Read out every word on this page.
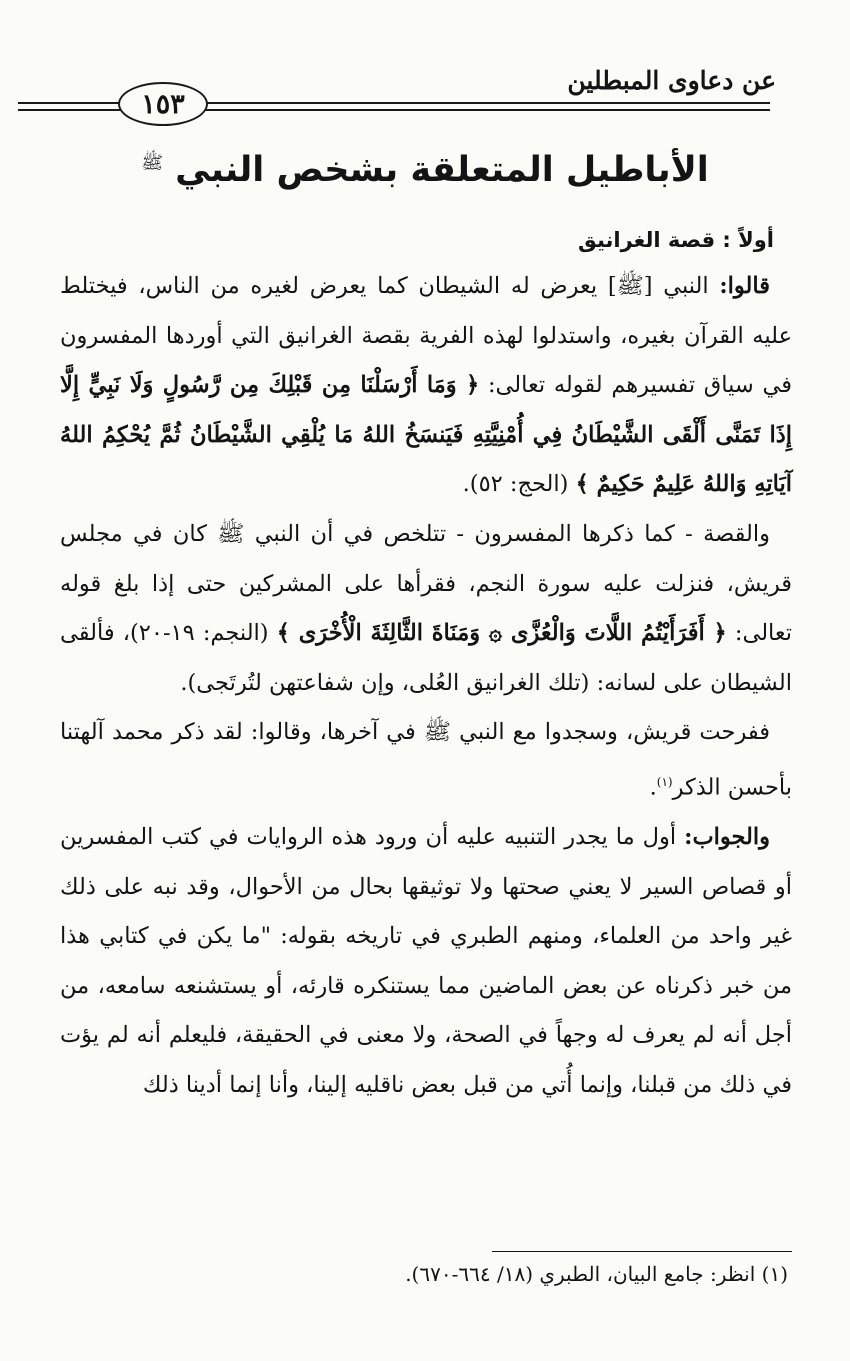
عن دعاوى المبطلين
١٥٣
الأباطيل المتعلقة بشخص النبي $^ﷺ$
أولاً : قصة الغرانيق

قالوا: النبي [ﷺ] يعرض له الشيطان كما يعرض لغيره من الناس، فيختلط عليه القرآن بغيره، واستدلوا لهذه الفرية بقصة الغرانيق التي أوردها المفسرون في سياق تفسيرهم لقوله تعالى: ﴿ وَمَا أَرْسَلْنَا مِن قَبْلِكَ مِن رَّسُولٍ وَلَا نَبِيٍّ إِلَّا إِذَا تَمَنَّى أَلْقَى الشَّيْطَانُ فِي أُمْنِيَّتِهِ فَيَنسَخُ اللهُ مَا يُلْقِي الشَّيْطَانُ ثُمَّ يُحْكِمُ اللهُ آيَاتِهِ وَاللهُ عَلِيمٌ حَكِيمٌ ﴾ (الحج: ٥٢).

والقصة - كما ذكرها المفسرون - تتلخص في أن النبي ﷺ كان في مجلس قريش، فنزلت عليه سورة النجم، فقرأها على المشركين حتى إذا بلغ قوله تعالى: ﴿ أَفَرَأَيْتُمُ اللَّاتَ وَالْعُزَّى ۞ وَمَنَاةَ الثَّالِثَةَ الْأُخْرَى ﴾ (النجم: ١٩-٢٠)، فألقى الشيطان على لسانه: (تلك الغرانيق العُلى، وإن شفاعتهن لتُرتَجى).

ففرحت قريش، وسجدوا مع النبي ﷺ في آخرها، وقالوا: لقد ذكر محمد آلهتنا بأحسن الذكر$^{(١)}$.

والجواب: أول ما يجدر التنبيه عليه أن ورود هذه الروايات في كتب المفسرين أو قصاص السير لا يعني صحتها ولا توثيقها بحال من الأحوال، وقد نبه على ذلك غير واحد من العلماء، ومنهم الطبري في تاريخه بقوله: "ما يكن في كتابي هذا من خبر ذكرناه عن بعض الماضين مما يستنكره قارئه، أو يستشنعه سامعه، من أجل أنه لم يعرف له وجهاً في الصحة، ولا معنى في الحقيقة، فليعلم أنه لم يؤت في ذلك من قبلنا، وإنما أُتي من قبل بعض ناقليه إلينا، وأنا إنما أدينا ذلك

(١) انظر: جامع البيان، الطبري (١٨/ ٦٦٤-٦٧٠).
